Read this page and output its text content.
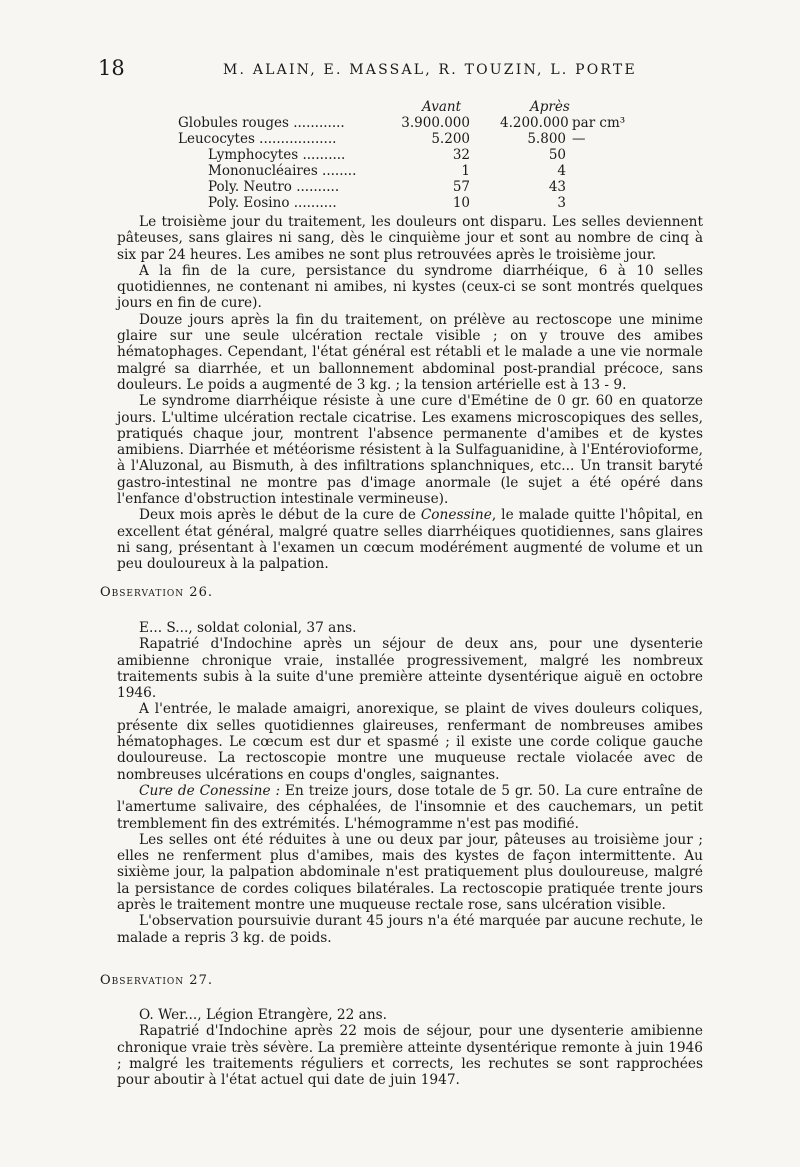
18	M. ALAIN, E. MASSAL, R. TOUZIN, L. PORTE
Avant	Après
Globules rouges ............	3.900.000 4.200.000 par cm³
Leucocytes ..................	5.200	5.800 —
Lymphocytes ..........	32	50
Mononucléaires ........	1	4
Poly. Neutro ..........	57	43
Poly. Eosino ..........	10	3

Le troisième jour du traitement, les douleurs ont disparu. Les selles deviennent pâteuses, sans glaires ni sang, dès le cinquième jour et sont au nombre de cinq à six par 24 heures. Les amibes ne sont plus retrouvées après le troisième jour.

A la fin de la cure, persistance du syndrome diarrhéique, 6 à 10 selles quotidiennes, ne contenant ni amibes, ni kystes (ceux-ci se sont montrés quelques jours en fin de cure).

Douze jours après la fin du traitement, on prélève au rectoscope une minime glaire sur une seule ulcération rectale visible ; on y trouve des amibes hématophages. Cependant, l'état général est rétabli et le malade a une vie normale malgré sa diarrhée, et un ballonnement abdominal post-prandial précoce, sans douleurs. Le poids a augmenté de 3 kg. ; la tension artérielle est à 13 - 9.

Le syndrome diarrhéique résiste à une cure d'Emétine de 0 gr. 60 en quatorze jours. L'ultime ulcération rectale cicatrise. Les examens microscopiques des selles, pratiqués chaque jour, montrent l'absence permanente d'amibes et de kystes amibiens. Diarrhée et météorisme résistent à la Sulfaguanidine, à l'Entérovioforme, à l'Aluzonal, au Bismuth, à des infiltrations splanchniques, etc... Un transit baryté gastro-intestinal ne montre pas d'image anormale (le sujet a été opéré dans l'enfance d'obstruction intestinale vermineuse).

Deux mois après le début de la cure de Conessine, le malade quitte l'hôpital, en excellent état général, malgré quatre selles diarrhéiques quotidiennes, sans glaires ni sang, présentant à l'examen un cœcum modérément augmenté de volume et un peu douloureux à la palpation.

Observation 26.

E... S..., soldat colonial, 37 ans.

Rapatrié d'Indochine après un séjour de deux ans, pour une dysenterie amibienne chronique vraie, installée progressivement, malgré les nombreux traitements subis à la suite d'une première atteinte dysentérique aiguë en octobre 1946.

A l'entrée, le malade amaigri, anorexique, se plaint de vives douleurs coliques, présente dix selles quotidiennes glaireuses, renfermant de nombreuses amibes hématophages. Le cœcum est dur et spasmé ; il existe une corde colique gauche douloureuse. La rectoscopie montre une muqueuse rectale violacée avec de nombreuses ulcérations en coups d'ongles, saignantes.

Cure de Conessine : En treize jours, dose totale de 5 gr. 50. La cure entraîne de l'amertume salivaire, des céphalées, de l'insomnie et des cauchemars, un petit tremblement fin des extrémités. L'hémogramme n'est pas modifié.

Les selles ont été réduites à une ou deux par jour, pâteuses au troisième jour ; elles ne renferment plus d'amibes, mais des kystes de façon intermittente. Au sixième jour, la palpation abdominale n'est pratiquement plus douloureuse, malgré la persistance de cordes coliques bilatérales. La rectoscopie pratiquée trente jours après le traitement montre une muqueuse rectale rose, sans ulcération visible.

L'observation poursuivie durant 45 jours n'a été marquée par aucune rechute, le malade a repris 3 kg. de poids.

Observation 27.

O. Wer..., Légion Etrangère, 22 ans.

Rapatrié d'Indochine après 22 mois de séjour, pour une dysenterie amibienne chronique vraie très sévère. La première atteinte dysentérique remonte à juin 1946 ; malgré les traitements réguliers et corrects, les rechutes se sont rapprochées pour aboutir à l'état actuel qui date de juin 1947.
